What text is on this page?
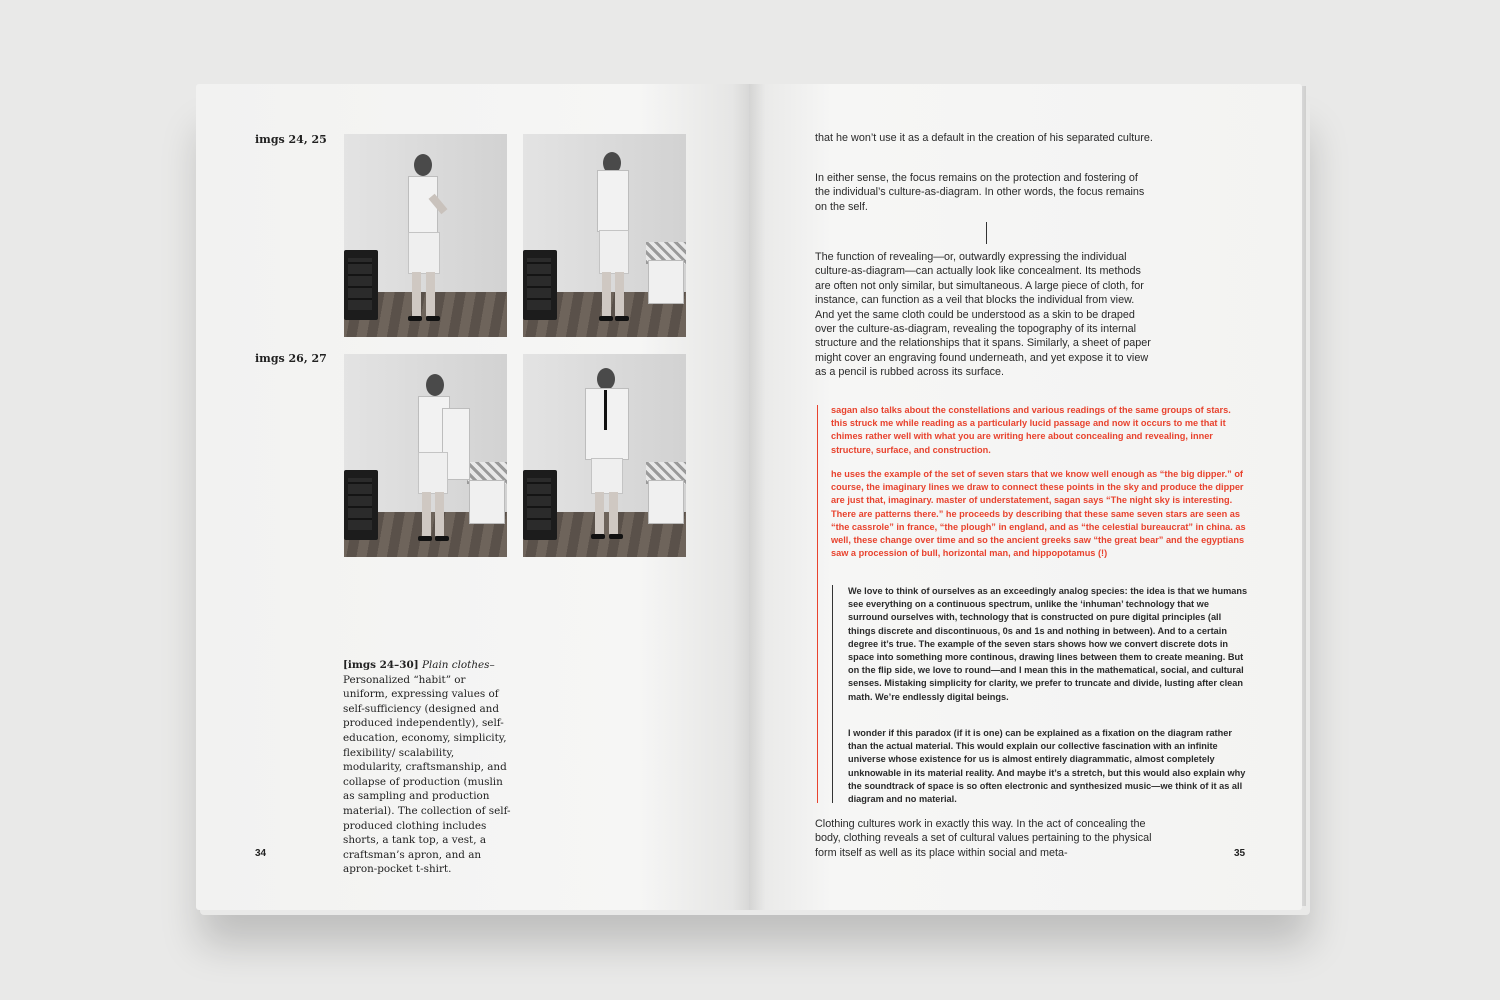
imgs 24, 25
imgs 26, 27
[imgs 24–30] Plain clothes– Personalized “habit” or uniform, expressing values of self-sufficiency (designed and produced independently), self-education, economy, simplicity, flexibility/ scalability, modularity, craftsmanship, and collapse of production (muslin as sampling and production material). The collection of self-produced clothing includes shorts, a tank top, a vest, a craftsman’s apron, and an apron-pocket t-shirt.
34

that he won’t use it as a default in the creation of his separated culture.

In either sense, the focus remains on the protection and fostering of the individual’s culture-as-diagram. In other words, the focus remains on the self.

The function of revealing—or, outwardly expressing the individual culture-as-diagram—can actually look like concealment. Its methods are often not only similar, but simultaneous. A large piece of cloth, for instance, can function as a veil that blocks the individual from view. And yet the same cloth could be understood as a skin to be draped over the culture-as-diagram, revealing the topography of its internal structure and the relationships that it spans. Similarly, a sheet of paper might cover an engraving found underneath, and yet expose it to view as a pencil is rubbed across its surface.

sagan also talks about the constellations and various readings of the same groups of stars. this struck me while reading as a particularly lucid passage and now it occurs to me that it chimes rather well with what you are writing here about concealing and revealing, inner structure, surface, and construction.

he uses the example of the set of seven stars that we know well enough as “the big dipper.” of course, the imaginary lines we draw to connect these points in the sky and produce the dipper are just that, imaginary. master of understatement, sagan says “The night sky is interesting. There are patterns there.” he proceeds by describing that these same seven stars are seen as “the cassrole” in france, “the plough” in england, and as “the celestial bureaucrat” in china. as well, these change over time and so the ancient greeks saw “the great bear” and the egyptians saw a procession of bull, horizontal man, and hippopotamus (!)

We love to think of ourselves as an exceedingly analog species: the idea is that we humans see everything on a continuous spectrum, unlike the ‘inhuman’ technology that we surround ourselves with, technology that is constructed on pure digital principles (all things discrete and discontinuous, 0s and 1s and nothing in between). And to a certain degree it’s true. The example of the seven stars shows how we convert discrete dots in space into something more continous, drawing lines between them to create meaning. But on the flip side, we love to round—and I mean this in the mathematical, social, and cultural senses. Mistaking simplicity for clarity, we prefer to truncate and divide, lusting after clean math. We’re endlessly digital beings.

I wonder if this paradox (if it is one) can be explained as a fixation on the diagram rather than the actual material. This would explain our collective fascination with an infinite universe whose existence for us is almost entirely diagrammatic, almost completely unknowable in its material reality. And maybe it’s a stretch, but this would also explain why the soundtrack of space is so often electronic and synthesized music—we think of it as all diagram and no material.

Clothing cultures work in exactly this way. In the act of concealing the body, clothing reveals a set of cultural values pertaining to the physical form itself as well as its place within social and meta-	35
